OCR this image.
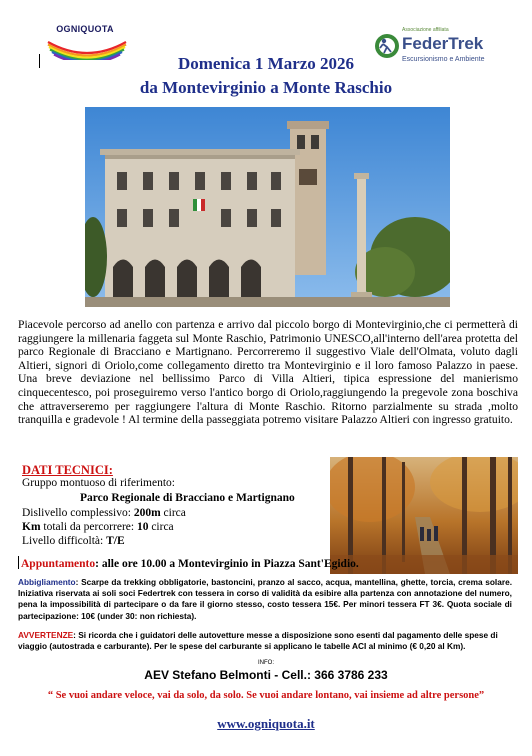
OGNIQUOTA	Associazione affiliata
FederTrek
Escursionismo e Ambiente
Domenica 1 Marzo 2026
da Montevirginio a Monte Raschio
Piacevole percorso ad anello con partenza e arrivo dal piccolo borgo di Montevirginio,che ci permetterà di raggiungere la millenaria faggeta sul Monte Raschio, Patrimonio UNESCO,all'interno dell'area protetta del parco Regionale di Bracciano e Martignano. Percorreremo il suggestivo Viale dell'Olmata, voluto dagli Altieri, signori di Oriolo,come collegamento diretto tra Montevirginio e il loro famoso Palazzo in paese. Una breve deviazione nel bellissimo Parco di Villa Altieri, tipica espressione del manierismo cinquecentesco, poi proseguiremo verso l'antico borgo di Oriolo,raggiungendo la pregevole zona boschiva che attraverseremo per raggiungere l'altura di Monte Raschio. Ritorno parzialmente su strada ,molto tranquilla e gradevole ! Al termine della passeggiata potremo visitare Palazzo Altieri con ingresso gratuito.
DATI TECNICI:
Gruppo montuoso di riferimento:
Parco Regionale di Bracciano e Martignano
Dislivello complessivo: 200m circa
Km totali da percorrere: 10 circa
Livello difficoltà: T/E
Appuntamento: alle ore 10.00 a Montevirginio in Piazza Sant'Egidio.
Abbigliamento: Scarpe da trekking obbligatorie, bastoncini, pranzo al sacco, acqua, mantellina, ghette, torcia, crema solare. Iniziativa riservata ai soli soci Federtrek con tessera in corso di validità da esibire alla partenza con annotazione del numero, pena la impossibilità di partecipare o da fare il giorno stesso, costo tessera 15€. Per minori tessera FT 3€. Quota sociale di partecipazione: 10€ (under 30: non richiesta).
AVVERTENZE: Si ricorda che i guidatori delle autovetture messe a disposizione sono esenti dal pagamento delle spese di viaggio (autostrada e carburante). Per le spese del carburante si applicano le tabelle ACI al minimo (€ 0,20 al Km).
INFO:
AEV Stefano Belmonti - Cell.: 366 3786 233
“ Se vuoi andare veloce, vai da solo, da solo. Se vuoi andare lontano, vai insieme ad altre persone”
www.ogniquota.it
